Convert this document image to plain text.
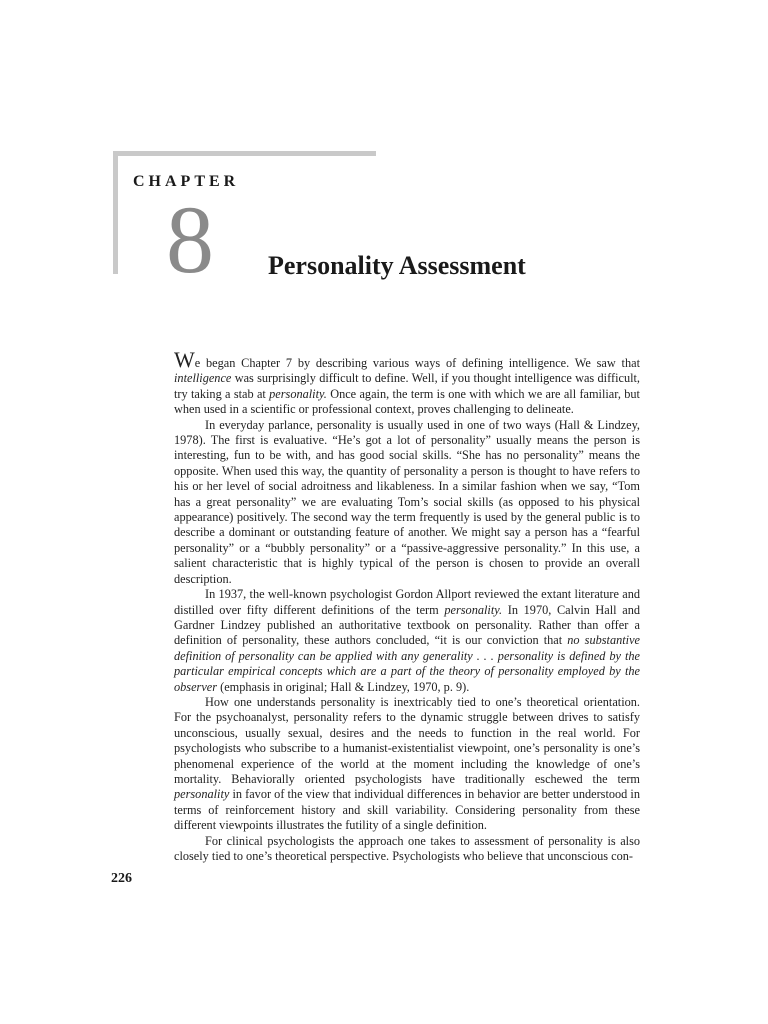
CHAPTER
8 Personality Assessment

We began Chapter 7 by describing various ways of defining intelligence. We saw that intelligence was surprisingly difficult to define. Well, if you thought intelligence was difficult, try taking a stab at personality. Once again, the term is one with which we are all familiar, but when used in a scientific or professional context, proves challenging to delineate.

In everyday parlance, personality is usually used in one of two ways (Hall & Lindzey, 1978). The first is evaluative. “He’s got a lot of personality” usually means the person is interesting, fun to be with, and has good social skills. “She has no personality” means the opposite. When used this way, the quantity of personality a person is thought to have refers to his or her level of social adroitness and likableness. In a similar fashion when we say, “Tom has a great personality” we are evaluating Tom’s social skills (as opposed to his physical appearance) positively. The second way the term frequently is used by the general public is to describe a dominant or outstanding feature of another. We might say a person has a “fearful personality” or a “bubbly personality” or a “passive-aggressive personality.” In this use, a salient characteristic that is highly typical of the person is chosen to provide an overall description.

In 1937, the well-known psychologist Gordon Allport reviewed the extant literature and distilled over fifty different definitions of the term personality. In 1970, Calvin Hall and Gardner Lindzey published an authoritative textbook on personality. Rather than offer a definition of personality, these authors concluded, “it is our conviction that no substantive definition of personality can be applied with any generality . . . personality is defined by the particular empirical concepts which are a part of the theory of personality employed by the observer (emphasis in original; Hall & Lindzey, 1970, p. 9).

How one understands personality is inextricably tied to one’s theoretical orientation. For the psychoanalyst, personality refers to the dynamic struggle between drives to satisfy unconscious, usually sexual, desires and the needs to function in the real world. For psychologists who subscribe to a humanist-existentialist viewpoint, one’s personality is one’s phenomenal experience of the world at the moment including the knowledge of one’s mortality. Behaviorally oriented psychologists have traditionally eschewed the term personality in favor of the view that individual differences in behavior are better understood in terms of reinforcement history and skill variability. Considering personality from these different viewpoints illustrates the futility of a single definition.

For clinical psychologists the approach one takes to assessment of personality is also closely tied to one’s theoretical perspective. Psychologists who believe that unconscious con-

226
